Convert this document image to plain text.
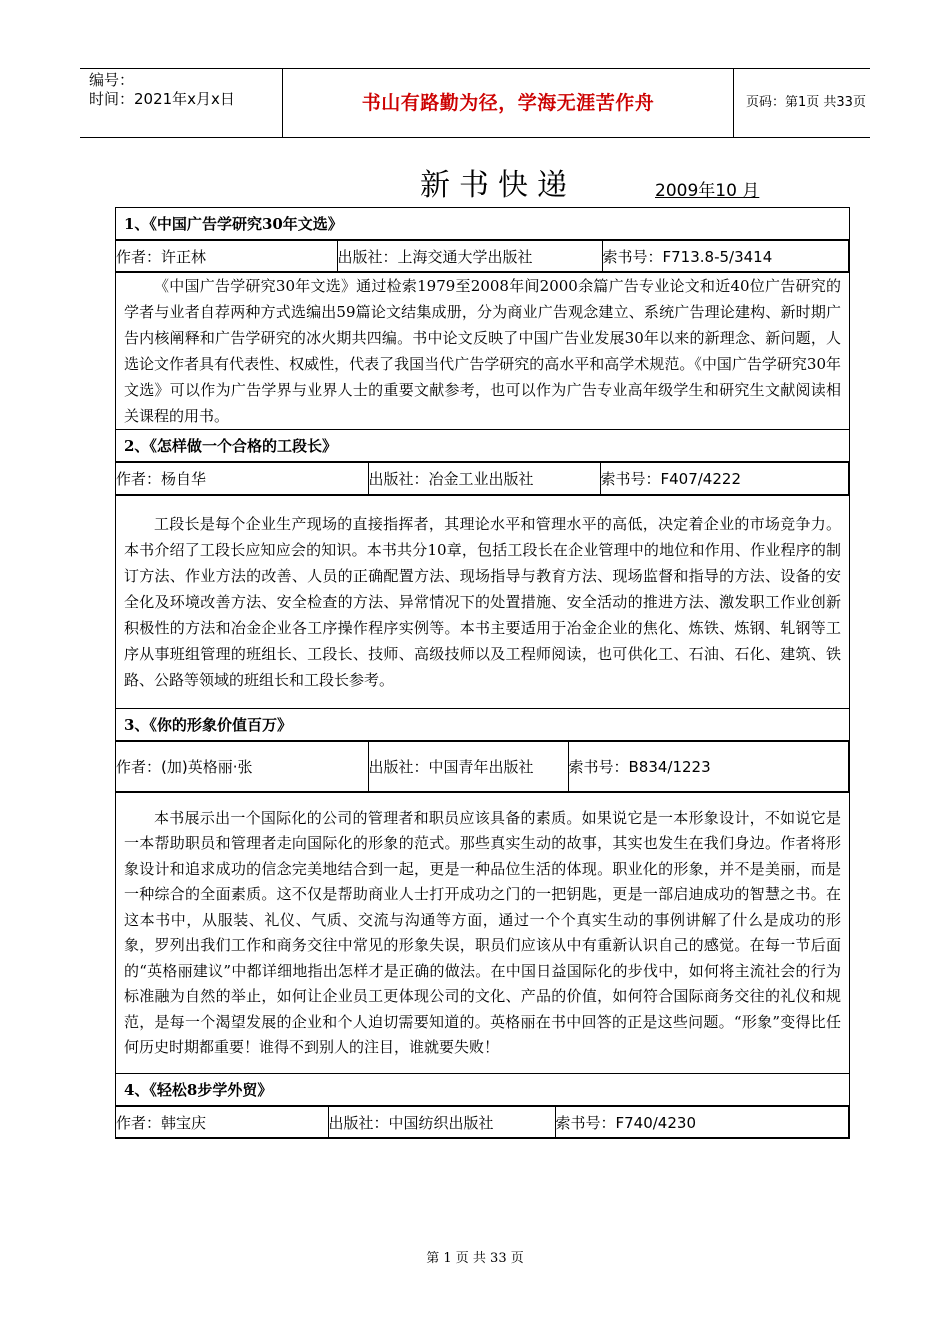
编号：
时间：2021年x月x日	书山有路勤为径，学海无涯苦作舟	页码：第1页 共33页
新书快递	2009年10 月
1、《中国广告学研究30年文选》

作者：许正林	出版社：上海交通大学出版社	索书号：F713.8-5/3414

《中国广告学研究30年文选》通过检索1979至2008年间2000余篇广告专业论文和近40位广告研究的学者与业者自荐两种方式选编出59篇论文结集成册，分为商业广告观念建立、系统广告理论建构、新时期广告内核阐释和广告学研究的冰火期共四编。书中论文反映了中国广告业发展30年以来的新理念、新问题，人选论文作者具有代表性、权威性，代表了我国当代广告学研究的高水平和高学术规范。《中国广告学研究30年文选》可以作为广告学界与业界人士的重要文献参考，也可以作为广告专业高年级学生和研究生文献阅读相关课程的用书。
2、《怎样做一个合格的工段长》

作者：杨自华	出版社：冶金工业出版社	索书号：F407/4222

工段长是每个企业生产现场的直接指挥者，其理论水平和管理水平的高低，决定着企业的市场竞争力。本书介绍了工段长应知应会的知识。本书共分10章，包括工段长在企业管理中的地位和作用、作业程序的制订方法、作业方法的改善、人员的正确配置方法、现场指导与教育方法、现场监督和指导的方法、设备的安全化及环境改善方法、安全检查的方法、异常情况下的处置措施、安全活动的推进方法、激发职工作业创新积极性的方法和冶金企业各工序操作程序实例等。本书主要适用于冶金企业的焦化、炼铁、炼钢、轧钢等工序从事班组管理的班组长、工段长、技师、高级技师以及工程师阅读，也可供化工、石油、石化、建筑、铁路、公路等领域的班组长和工段长参考。
3、《你的形象价值百万》

作者：(加)英格丽·张	出版社：中国青年出版社	索书号：B834/1223

本书展示出一个国际化的公司的管理者和职员应该具备的素质。如果说它是一本形象设计，不如说它是一本帮助职员和管理者走向国际化的形象的范式。那些真实生动的故事，其实也发生在我们身边。作者将形象设计和追求成功的信念完美地结合到一起，更是一种品位生活的体现。职业化的形象，并不是美丽，而是一种综合的全面素质。这不仅是帮助商业人士打开成功之门的一把钥匙，更是一部启迪成功的智慧之书。在这本书中，从服装、礼仪、气质、交流与沟通等方面，通过一个个真实生动的事例讲解了什么是成功的形象，罗列出我们工作和商务交往中常见的形象失误，职员们应该从中有重新认识自己的感觉。在每一节后面的“英格丽建议”中都详细地指出怎样才是正确的做法。在中国日益国际化的步伐中，如何将主流社会的行为标准融为自然的举止，如何让企业员工更体现公司的文化、产品的价值，如何符合国际商务交往的礼仪和规范，是每一个渴望发展的企业和个人迫切需要知道的。英格丽在书中回答的正是这些问题。“形象”变得比任何历史时期都重要！谁得不到别人的注目，谁就要失败！
4、《轻松8步学外贸》

作者：韩宝庆	出版社：中国纺织出版社	索书号：F740/4230
第 1 页 共 33 页
